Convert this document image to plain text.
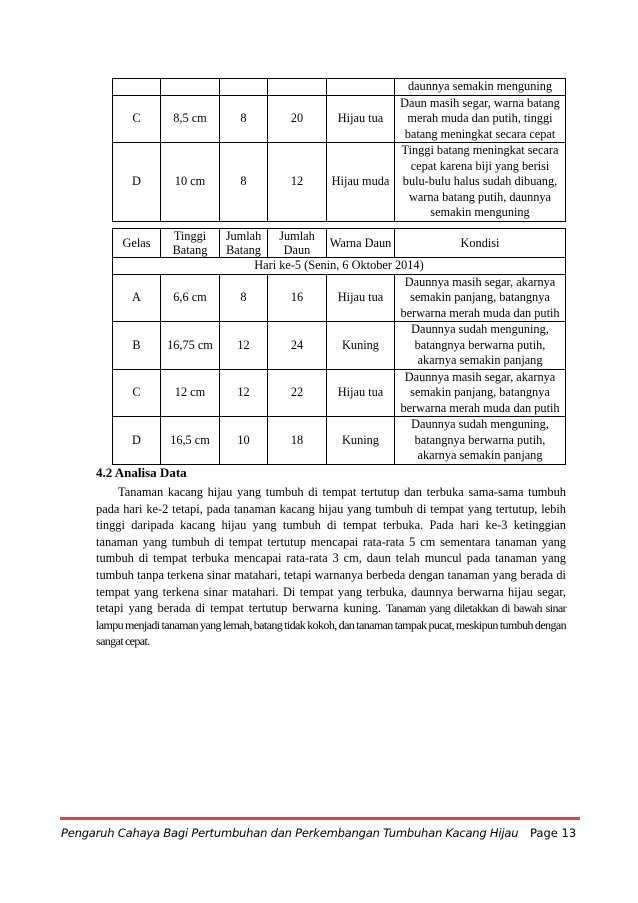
					daunnya semakin menguning
C	8,5 cm	8	20	Hijau tua	Daun masih segar, warna batang merah muda dan putih, tinggi batang meningkat secara cepat
D	10 cm	8	12	Hijau muda	Tinggi batang meningkat secara cepat karena biji yang berisi bulu-bulu halus sudah dibuang, warna batang putih, daunnya semakin menguning
Gelas	Tinggi Batang	Jumlah Batang	Jumlah Daun	Warna Daun	Kondisi
Hari ke-5 (Senin, 6 Oktober 2014)					
A	6,6 cm	8	16	Hijau tua	Daunnya masih segar, akarnya semakin panjang, batangnya berwarna merah muda dan putih
B	16,75 cm	12	24	Kuning	Daunnya sudah menguning, batangnya berwarna putih, akarnya semakin panjang
C	12 cm	12	22	Hijau tua	Daunnya masih segar, akarnya semakin panjang, batangnya berwarna merah muda dan putih
D	16,5 cm	10	18	Kuning	Daunnya sudah menguning, batangnya berwarna putih, akarnya semakin panjang
4.2 Analisa Data

Tanaman kacang hijau yang tumbuh di tempat tertutup dan terbuka sama-sama tumbuh pada hari ke-2 tetapi, pada tanaman kacang hijau yang tumbuh di tempat yang tertutup, lebih tinggi daripada kacang hijau yang tumbuh di tempat terbuka. Pada hari ke-3 ketinggian tanaman yang tumbuh di tempat tertutup mencapai rata-rata 5 cm sementara tanaman yang tumbuh di tempat terbuka mencapai rata-rata 3 cm, daun telah muncul pada tanaman yang tumbuh tanpa terkena sinar matahari, tetapi warnanya berbeda dengan tanaman yang berada di tempat yang terkena sinar matahari. Di tempat yang terbuka, daunnya berwarna hijau segar, tetapi yang berada di tempat tertutup berwarna kuning. Tanaman yang diletakkan di bawah sinar lampu menjadi tanaman yang lemah, batang tidak kokoh, dan tanaman tampak pucat, meskipun tumbuh dengan sangat cepat.

Pengaruh Cahaya Bagi Pertumbuhan dan Perkembangan Tumbuhan Kacang Hijau Page 13
